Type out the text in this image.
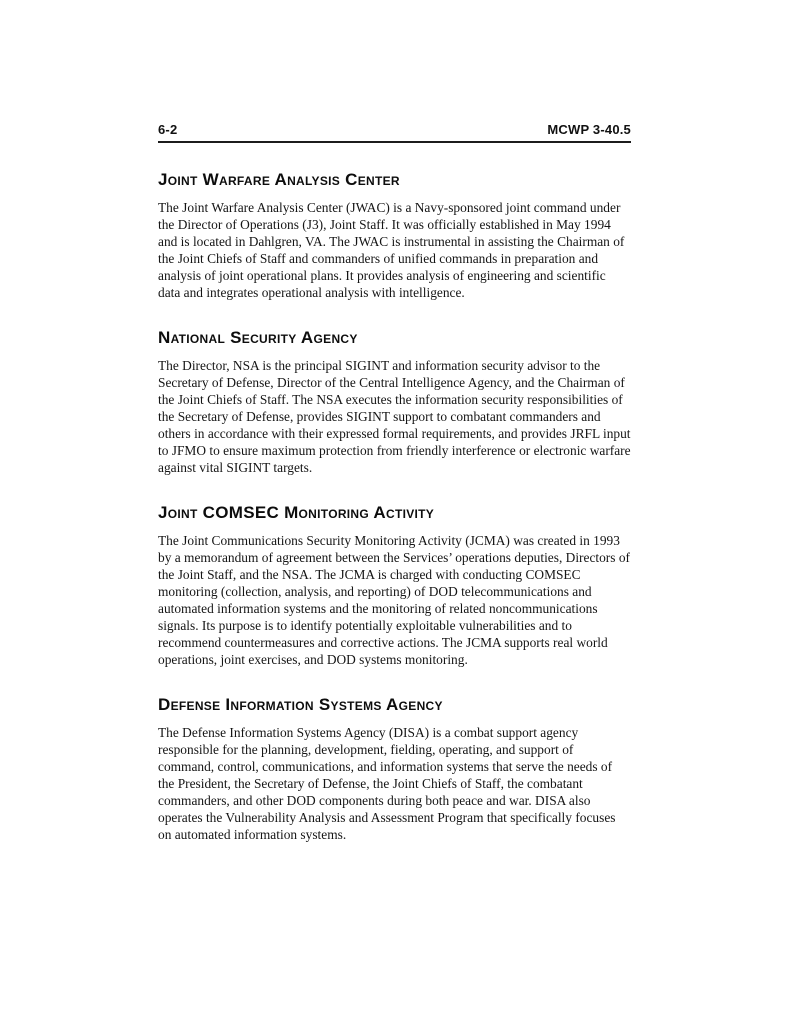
6-2	MCWP 3-40.5
Joint Warfare Analysis Center
The Joint Warfare Analysis Center (JWAC) is a Navy-sponsored joint command under the Director of Operations (J3), Joint Staff. It was officially established in May 1994 and is located in Dahlgren, VA. The JWAC is instrumental in assisting the Chairman of the Joint Chiefs of Staff and commanders of unified commands in preparation and analysis of joint operational plans. It provides analysis of engineering and scientific data and integrates operational analysis with intelligence.
National Security Agency
The Director, NSA is the principal SIGINT and information security advisor to the Secretary of Defense, Director of the Central Intelligence Agency, and the Chairman of the Joint Chiefs of Staff. The NSA executes the information security responsibilities of the Secretary of Defense, provides SIGINT support to combatant commanders and others in accordance with their expressed formal requirements, and provides JRFL input to JFMO to ensure maximum protection from friendly interference or electronic warfare against vital SIGINT targets.
Joint COMSEC Monitoring Activity
The Joint Communications Security Monitoring Activity (JCMA) was created in 1993 by a memorandum of agreement between the Services’ operations deputies, Directors of the Joint Staff, and the NSA. The JCMA is charged with conducting COMSEC monitoring (collection, analysis, and reporting) of DOD telecommunications and automated information systems and the monitoring of related noncommunications signals. Its purpose is to identify potentially exploitable vulnerabilities and to recommend countermeasures and corrective actions. The JCMA supports real world operations, joint exercises, and DOD systems monitoring.
Defense Information Systems Agency
The Defense Information Systems Agency (DISA) is a combat support agency responsible for the planning, development, fielding, operating, and support of command, control, communications, and information systems that serve the needs of the President, the Secretary of Defense, the Joint Chiefs of Staff, the combatant commanders, and other DOD components during both peace and war. DISA also operates the Vulnerability Analysis and Assessment Program that specifically focuses on automated information systems.
